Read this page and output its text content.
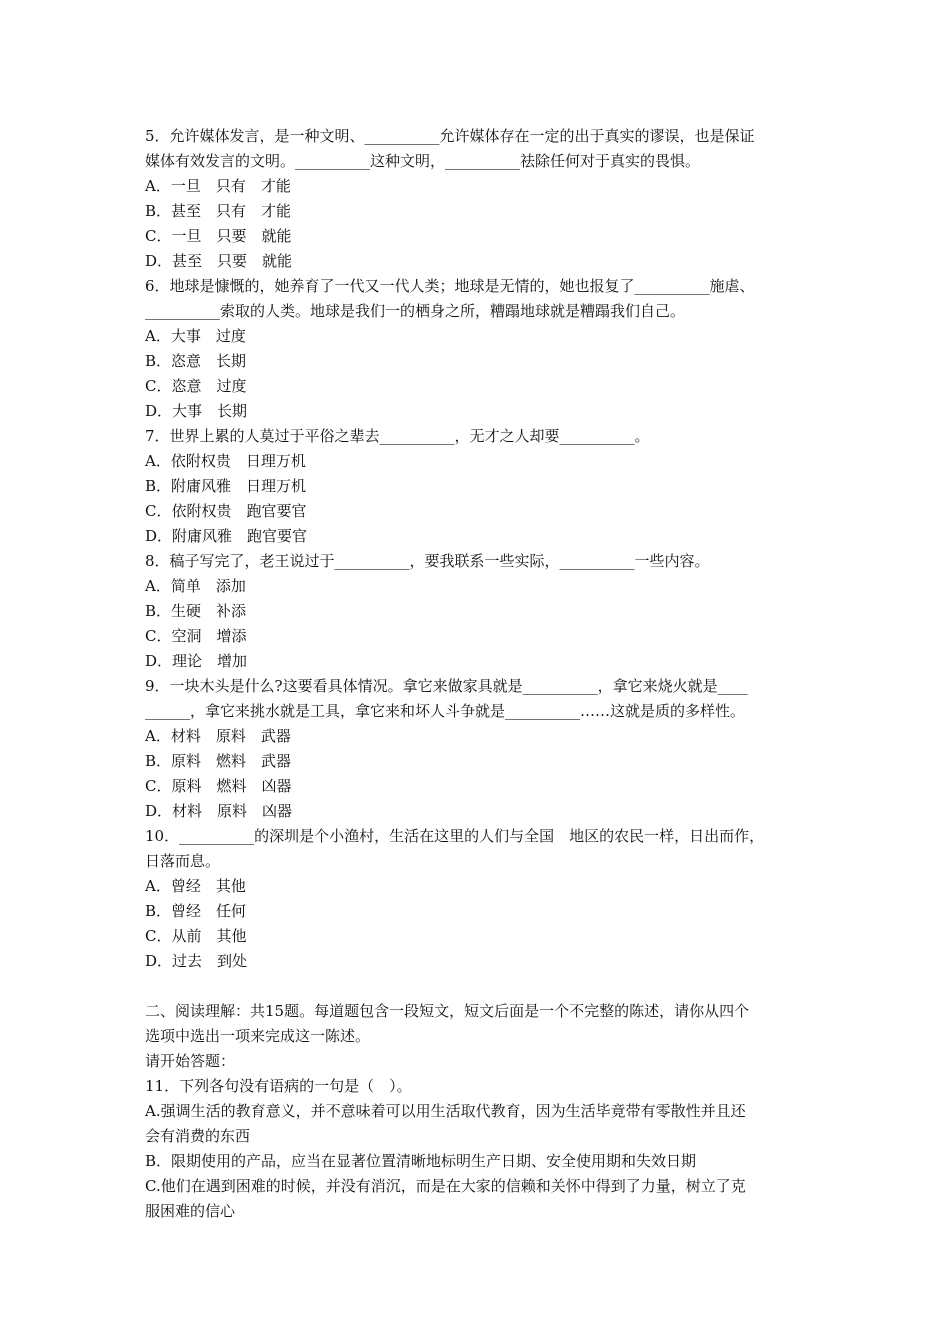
5．允许媒体发言，是一种文明、__________允许媒体存在一定的出于真实的谬误，也是保证
媒体有效发言的文明。__________这种文明，__________祛除任何对于真实的畏惧。
A．一旦　只有　才能
B．甚至　只有　才能
C．一旦　只要　就能
D．甚至　只要　就能
6．地球是慷慨的，她养育了一代又一代人类；地球是无情的，她也报复了__________施虐、
__________索取的人类。地球是我们一的栖身之所，糟蹋地球就是糟蹋我们自己。
A．大事　过度
B．恣意　长期
C．恣意　过度
D．大事　长期
7．世界上累的人莫过于平俗之辈去__________，无才之人却要__________。
A．依附权贵　日理万机
B．附庸风雅　日理万机
C．依附权贵　跑官要官
D．附庸风雅　跑官要官
8．稿子写完了，老王说过于__________，要我联系一些实际，__________一些内容。
A．简单　添加
B．生硬　补添
C．空洞　增添
D．理论　增加
9．一块木头是什么?这要看具体情况。拿它来做家具就是__________，拿它来烧火就是____
______，拿它来挑水就是工具，拿它来和坏人斗争就是__________……这就是质的多样性。
A．材料　原料　武器
B．原料　燃料　武器
C．原料　燃料　凶器
D．材料　原料　凶器
10．__________的深圳是个小渔村，生活在这里的人们与全国　地区的农民一样，日出而作，
日落而息。
A．曾经　其他
B．曾经　任何
C．从前　其他
D．过去　到处
二、阅读理解：共15题。每道题包含一段短文，短文后面是一个不完整的陈述，请你从四个
选项中选出一项来完成这一陈述。
请开始答题：
11．下列各句没有语病的一句是（　）。
A.强调生活的教育意义，并不意味着可以用生活取代教育，因为生活毕竟带有零散性并且还
会有消费的东西
B．限期使用的产品，应当在显著位置清晰地标明生产日期、安全使用期和失效日期
C.他们在遇到困难的时候，并没有消沉，而是在大家的信赖和关怀中得到了力量，树立了克
服困难的信心
